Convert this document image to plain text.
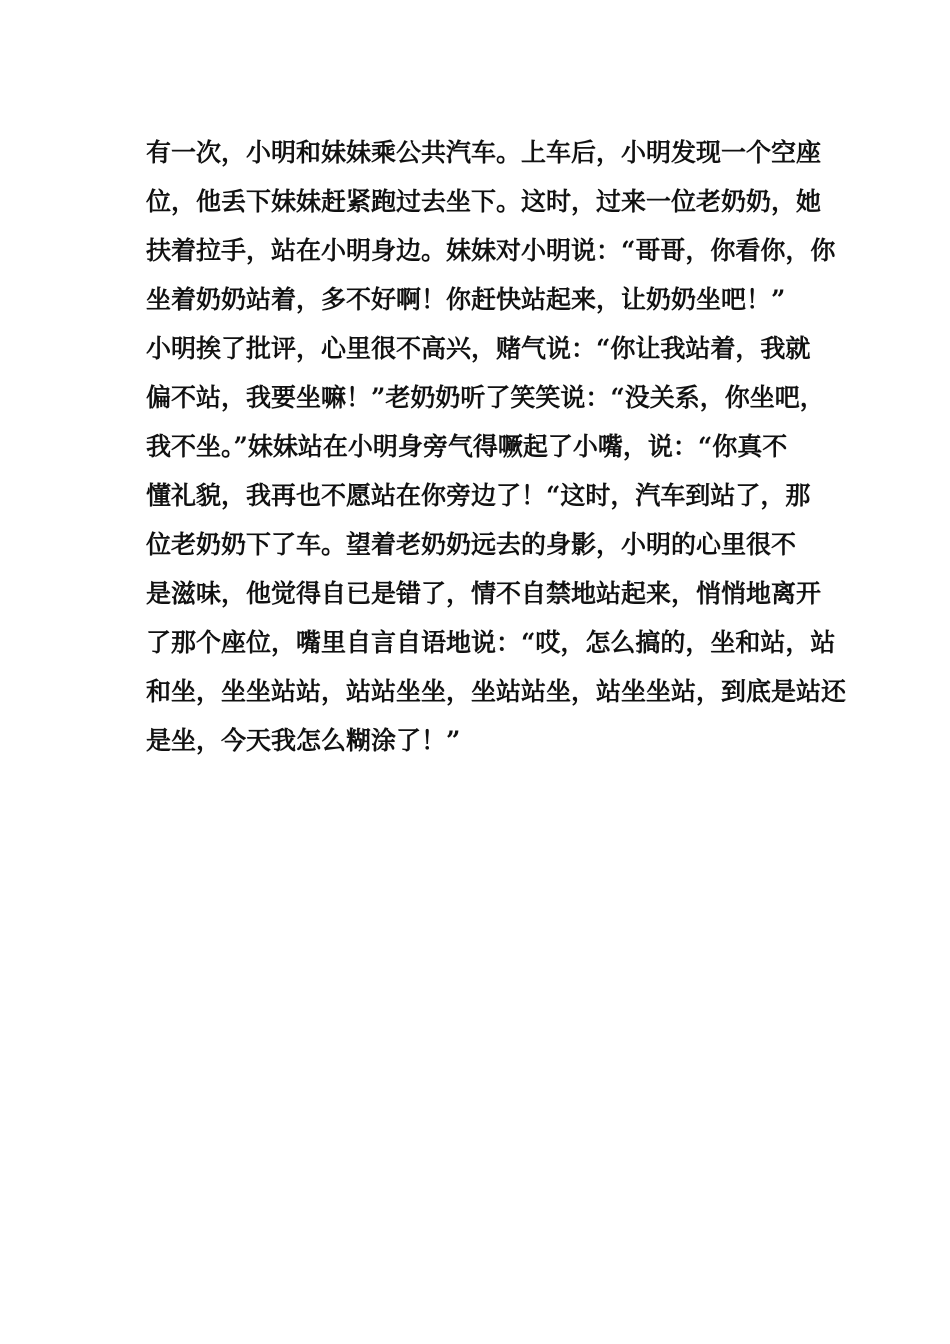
有一次，小明和妹妹乘公共汽车。上车后，小明发现一个空座
位，他丢下妹妹赶紧跑过去坐下。这时，过来一位老奶奶，她
扶着拉手，站在小明身边。妹妹对小明说：“哥哥，你看你，你
坐着奶奶站着，多不好啊！你赶快站起来，让奶奶坐吧！”
小明挨了批评，心里很不高兴，赌气说：“你让我站着，我就
偏不站，我要坐嘛！”老奶奶听了笑笑说：“没关系，你坐吧，
我不坐。”妹妹站在小明身旁气得噘起了小嘴，说：“你真不
懂礼貌，我再也不愿站在你旁边了！“这时，汽车到站了，那
位老奶奶下了车。望着老奶奶远去的身影，小明的心里很不
是滋味，他觉得自已是错了，情不自禁地站起来，悄悄地离开
了那个座位，嘴里自言自语地说：“哎，怎么搞的，坐和站，站
和坐，坐坐站站，站站坐坐，坐站站坐，站坐坐站，到底是站还
是坐，今天我怎么糊涂了！”
